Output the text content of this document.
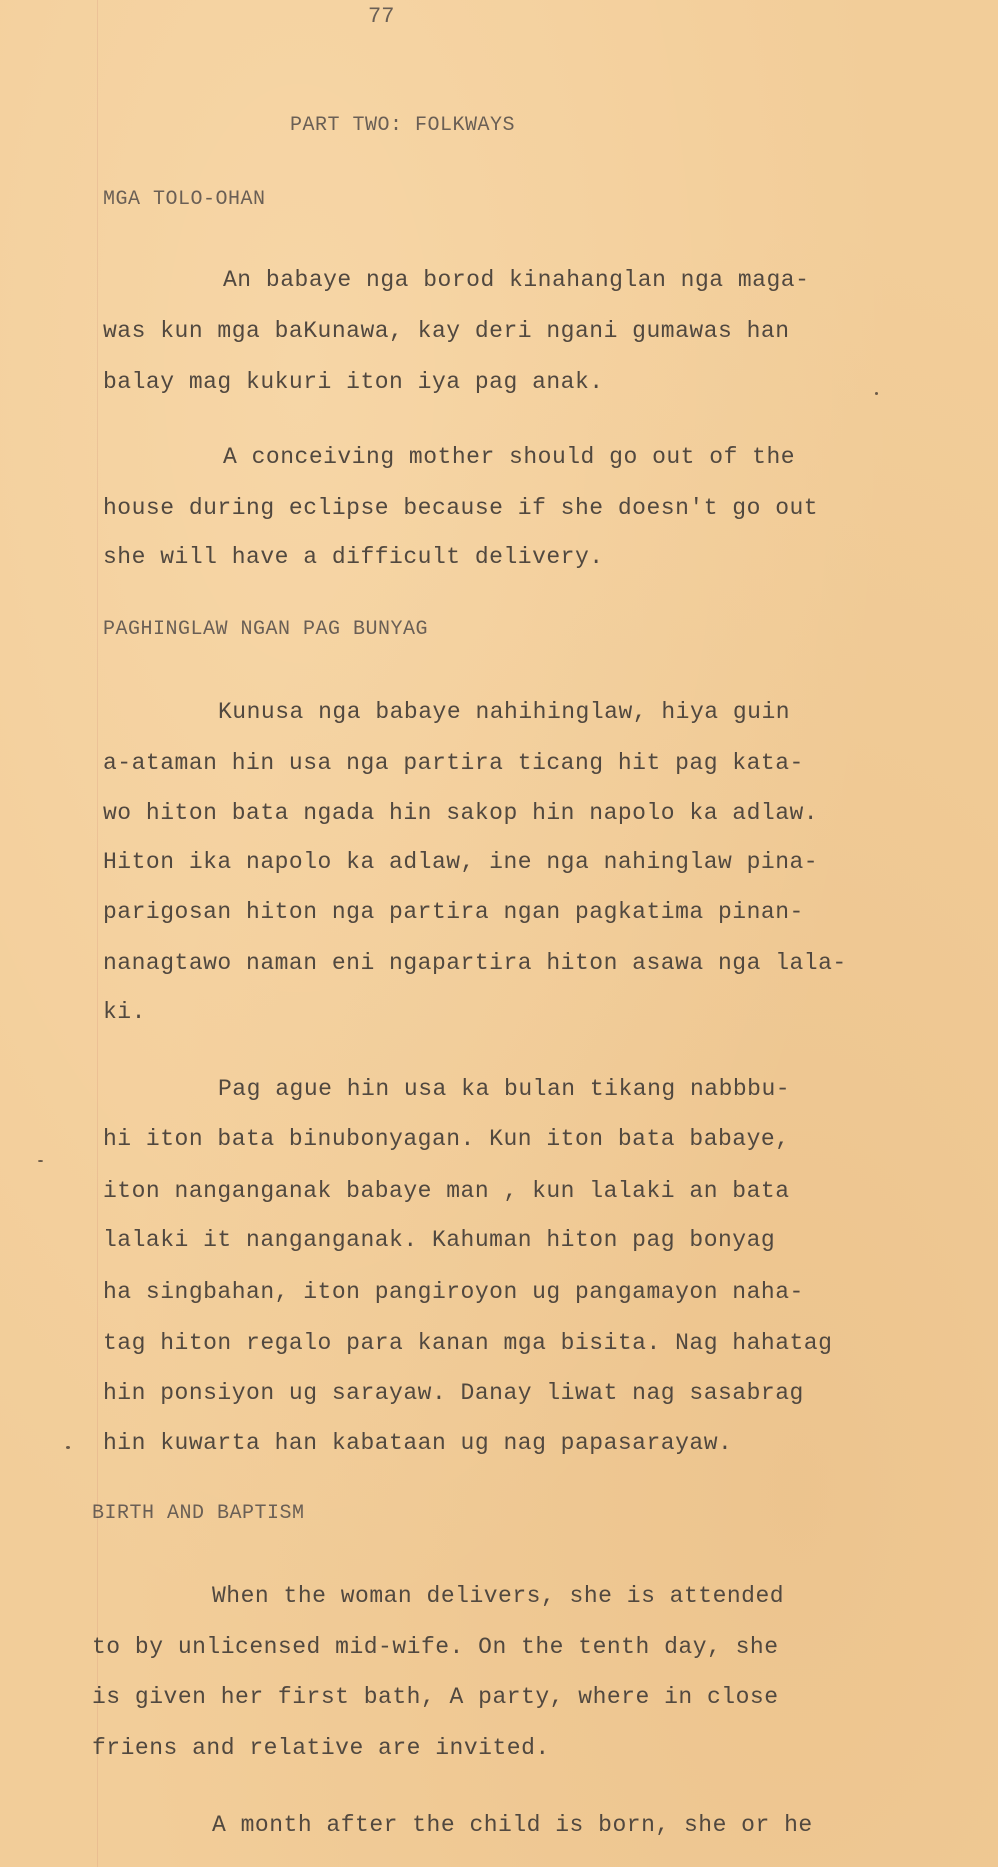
77
PART TWO: FOLKWAYS
MGA TOLO-OHAN
An babaye nga borod kinahanglan nga maga-
was kun mga baKunawa, kay deri ngani gumawas han
balay mag kukuri iton iya pag anak.
A conceiving mother should go out of the
house during eclipse because if she doesn't go out
she will have a difficult delivery.
PAGHINGLAW NGAN PAG BUNYAG
Kunusa nga babaye nahihinglaw, hiya guin
a-ataman hin usa nga partira ticang hit pag kata-
wo hiton bata ngada hin sakop hin napolo ka adlaw.
Hiton ika napolo ka adlaw, ine nga nahinglaw pina-
parigosan hiton nga partira ngan pagkatima pinan-
nanagtawo naman eni ngapartira hiton asawa nga lala-
ki.
Pag ague hin usa ka bulan tikang nabbbu-
hi iton bata binubonyagan. Kun iton bata babaye,
iton nanganganak babaye man , kun lalaki an bata
lalaki it nanganganak. Kahuman hiton pag bonyag
ha singbahan, iton pangiroyon ug pangamayon naha-
tag hiton regalo para kanan mga bisita. Nag hahatag
hin ponsiyon ug sarayaw. Danay liwat nag sasabrag
hin kuwarta han kabataan ug nag papasarayaw.
BIRTH AND BAPTISM
When the woman delivers, she is attended
to by unlicensed mid-wife. On the tenth day, she
is given her first bath, A party, where in close
friens and relative are invited.
A month after the child is born, she or he
